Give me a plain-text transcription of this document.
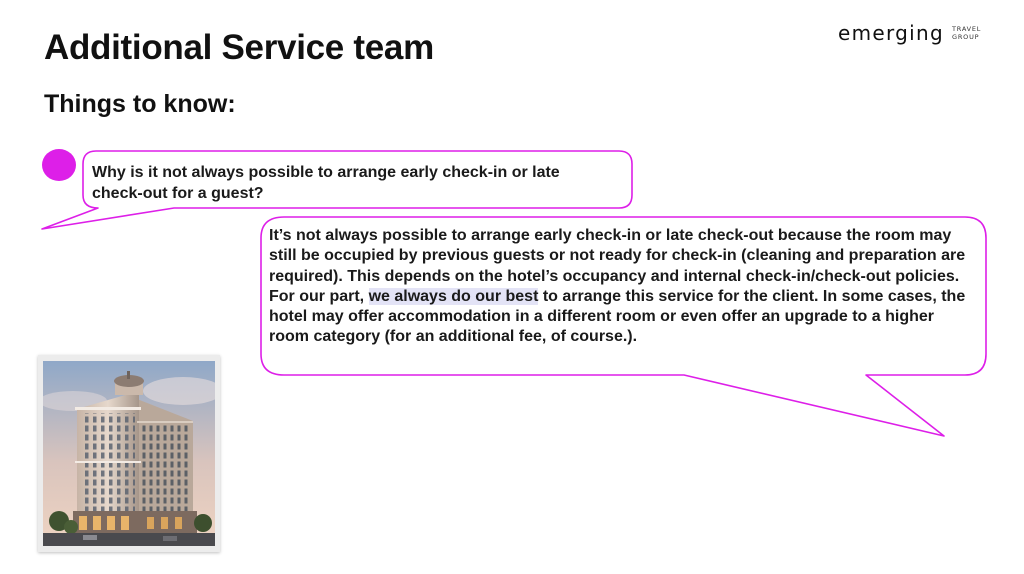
Additional Service team
Things to know:
emerging TRAVEL
GROUP
Why is it not always possible to arrange early check-in or late check-out for a guest?
It’s not always possible to arrange early check-in or late check-out because the room may still be occupied by previous guests or not ready for check-in (cleaning and preparation are required). This depends on the hotel’s occupancy and internal check-in/check-out policies. For our part, we always do our best to arrange this service for the client. In some cases, the hotel may offer accommodation in a different room or even offer an upgrade to a higher room category (for an additional fee, of course.).
